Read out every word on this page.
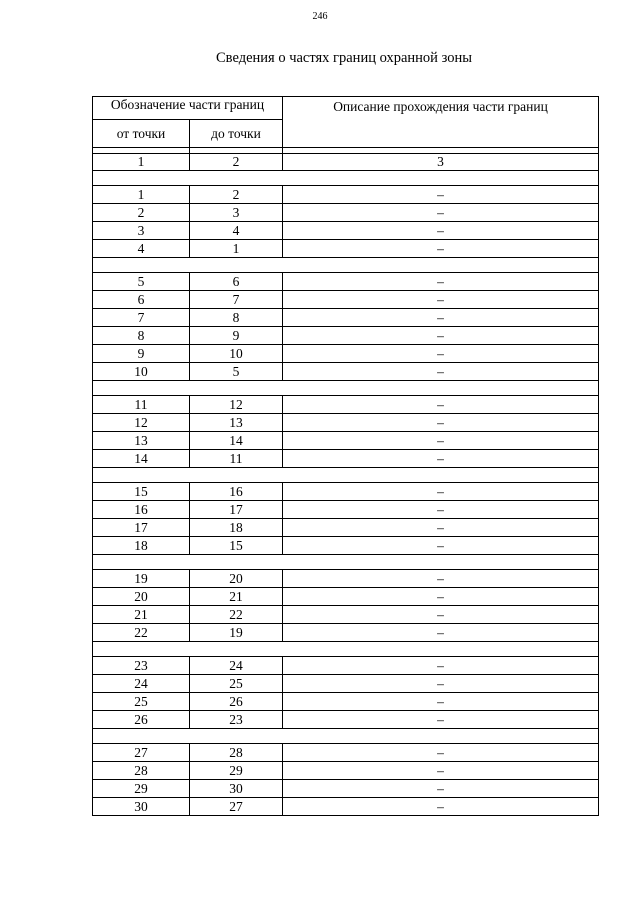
246
Сведения о частях границ охранной зоны
Обозначение части границ		Описание прохождения части границ
от точки	до точки	

1	2	3

1	2	–
2	3	–
3	4	–
4	1	–

5	6	–
6	7	–
7	8	–
8	9	–
9	10	–
10	5	–

11	12	–
12	13	–
13	14	–
14	11	–

15	16	–
16	17	–
17	18	–
18	15	–

19	20	–
20	21	–
21	22	–
22	19	–

23	24	–
24	25	–
25	26	–
26	23	–

27	28	–
28	29	–
29	30	–
30	27	–
